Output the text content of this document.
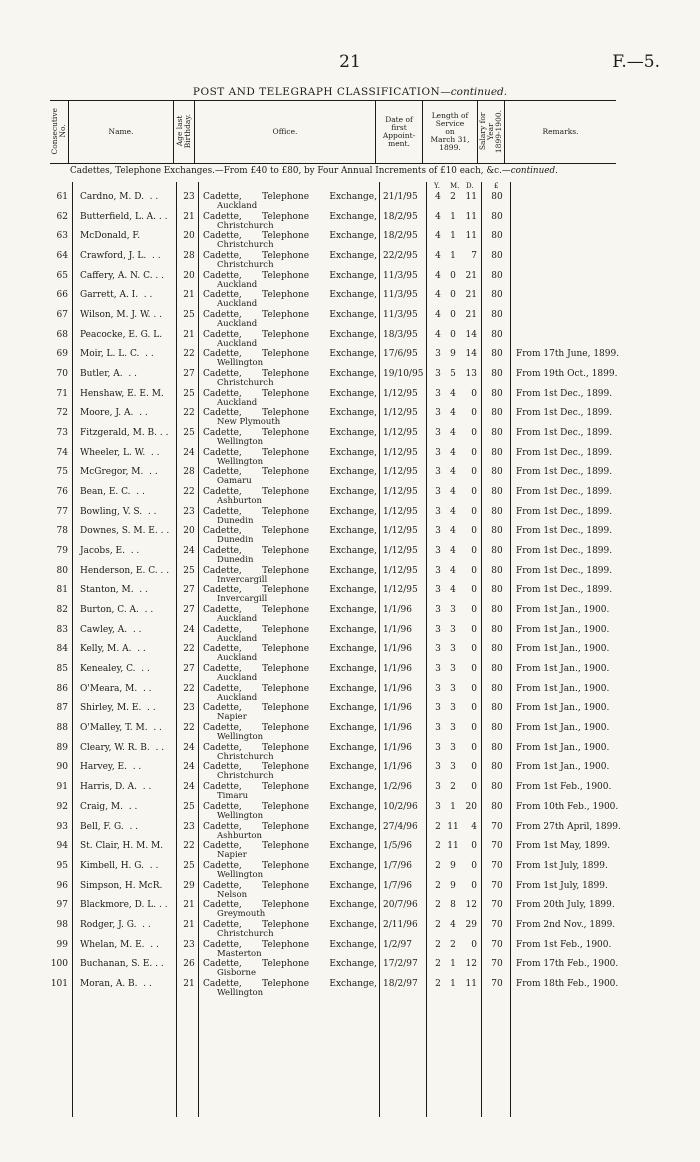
21	F.—5.
POST AND TELEGRAPH CLASSIFICATION—continued.
Consecutive
No.	Name.	Age last
Birthday.	Office.	Date of
first
Appoint-
ment.	Length of
Service
on
March 31,
1899.	Salary for
Year
1899-1900.	Remarks.
Cadettes, Telephone Exchanges.—From £40 to £80, by Four Annual Increments of £10 each, &c.—continued.
Y. M. D.	£
61 Cardno, M. D.  . .	23 Cadette, Telephone Exchange,
Auckland
21/1/95 4	2	11	80
62 Butterfield, L. A. . .	21 Cadette, Telephone Exchange,
Christchurch
18/2/95 4	1	11	80
63 McDonald, F.	20 Cadette, Telephone Exchange,
Christchurch
18/2/95 4	1	11	80
64 Crawford, J. L.  . .	28 Cadette, Telephone Exchange,
Christchurch
22/2/95 4	1	7	80
65 Caffery, A. N. C. . .	20 Cadette, Telephone Exchange,
Auckland
11/3/95 4	0	21	80
66 Garrett, A. I.  . .	21 Cadette, Telephone Exchange,
Auckland
11/3/95 4	0	21	80
67 Wilson, M. J. W. . .	25 Cadette, Telephone Exchange,
Auckland
11/3/95 4	0	21	80
68 Peacocke, E. G. L.	21 Cadette, Telephone Exchange,
Auckland
18/3/95 4	0	14	80
69 Moir, L. L. C.  . .	22 Cadette, Telephone Exchange,
Wellington
17/6/95 3	9	14	80	From 17th June, 1899.
70 Butler, A.  . .	27 Cadette, Telephone Exchange,
Christchurch
19/10/95 3	5	13	80	From 19th Oct., 1899.
71 Henshaw, E. E. M.	25 Cadette, Telephone Exchange,
Auckland
1/12/95 3	4	0	80	From 1st Dec., 1899.
72 Moore, J. A.  . .	22 Cadette, Telephone Exchange,
New Plymouth
1/12/95 3	4	0	80	From 1st Dec., 1899.
73 Fitzgerald, M. B. . .	25 Cadette, Telephone Exchange,
Wellington
1/12/95 3	4	0	80	From 1st Dec., 1899.
74 Wheeler, L. W.  . .	24 Cadette, Telephone Exchange,
Wellington
1/12/95 3	4	0	80	From 1st Dec., 1899.
75 McGregor, M.  . .	28 Cadette, Telephone Exchange,
Oamaru
1/12/95 3	4	0	80	From 1st Dec., 1899.
76 Bean, E. C.  . .	22 Cadette, Telephone Exchange,
Ashburton
1/12/95 3	4	0	80	From 1st Dec., 1899.
77 Bowling, V. S.  . .	23 Cadette, Telephone Exchange,
Dunedin
1/12/95 3	4	0	80	From 1st Dec., 1899.
78 Downes, S. M. E. . .	20 Cadette, Telephone Exchange,
Dunedin
1/12/95 3	4	0	80	From 1st Dec., 1899.
79 Jacobs, E.  . .	24 Cadette, Telephone Exchange,
Dunedin
1/12/95 3	4	0	80	From 1st Dec., 1899.
80 Henderson, E. C. . .	25 Cadette, Telephone Exchange,
Invercargill
1/12/95 3	4	0	80	From 1st Dec., 1899.
81 Stanton, M.  . .	27 Cadette, Telephone Exchange,
Invercargill
1/12/95 3	4	0	80	From 1st Dec., 1899.
82 Burton, C. A.  . .	27 Cadette, Telephone Exchange,
Auckland
1/1/96	3	3	0	80	From 1st Jan., 1900.
83 Cawley, A.  . .	24 Cadette, Telephone Exchange,
Auckland
1/1/96	3	3	0	80	From 1st Jan., 1900.
84 Kelly, M. A.  . .	22 Cadette, Telephone Exchange,
Auckland
1/1/96	3	3	0	80	From 1st Jan., 1900.
85 Kenealey, C.  . .	27 Cadette, Telephone Exchange,
Auckland
1/1/96	3	3	0	80	From 1st Jan., 1900.
86 O'Meara, M.  . .	22 Cadette, Telephone Exchange,
Auckland
1/1/96	3	3	0	80	From 1st Jan., 1900.
87 Shirley, M. E.  . .	23 Cadette, Telephone Exchange,
Napier
1/1/96	3	3	0	80	From 1st Jan., 1900.
88 O'Malley, T. M.  . .	22 Cadette, Telephone Exchange,
Wellington
1/1/96	3	3	0	80	From 1st Jan., 1900.
89 Cleary, W. R. B.  . .	24 Cadette, Telephone Exchange,
Christchurch
1/1/96	3	3	0	80	From 1st Jan., 1900.
90 Harvey, E.  . .	24 Cadette, Telephone Exchange,
Christchurch
1/1/96	3	3	0	80	From 1st Jan., 1900.
91 Harris, D. A.  . .	24 Cadette, Telephone Exchange,
Timaru
1/2/96	3	2	0	80	From 1st Feb., 1900.
92 Craig, M.  . .	25 Cadette, Telephone Exchange,
Wellington
10/2/96 3	1	20	80	From 10th Feb., 1900.
93 Bell, F. G.  . .	23 Cadette, Telephone Exchange,
Ashburton
27/4/96 2 11	4	70	From 27th April, 1899.
94 St. Clair, H. M. M.	22 Cadette, Telephone Exchange,
Napier
1/5/96	2 11	0	70	From 1st May, 1899.
95 Kimbell, H. G.  . .	25 Cadette, Telephone Exchange,
Wellington
1/7/96	2	9	0	70	From 1st July, 1899.
96 Simpson, H. McR.	29 Cadette, Telephone Exchange,
Nelson
1/7/96	2	9	0	70	From 1st July, 1899.
97 Blackmore, D. L. . .	21 Cadette, Telephone Exchange,
Greymouth
20/7/96 2	8	12	70	From 20th July, 1899.
98 Rodger, J. G.  . .	21 Cadette, Telephone Exchange,
Christchurch
2/11/96 2	4	29	70	From 2nd Nov., 1899.
99 Whelan, M. E.  . .	23 Cadette, Telephone Exchange,
Masterton
1/2/97	2	2	0	70	From 1st Feb., 1900.
100 Buchanan, S. E. . .	26 Cadette, Telephone Exchange,
Gisborne
17/2/97 2	1	12	70	From 17th Feb., 1900.
101 Moran, A. B.  . .	21 Cadette, Telephone Exchange,
Wellington
18/2/97 2	1	11	70	From 18th Feb., 1900.
